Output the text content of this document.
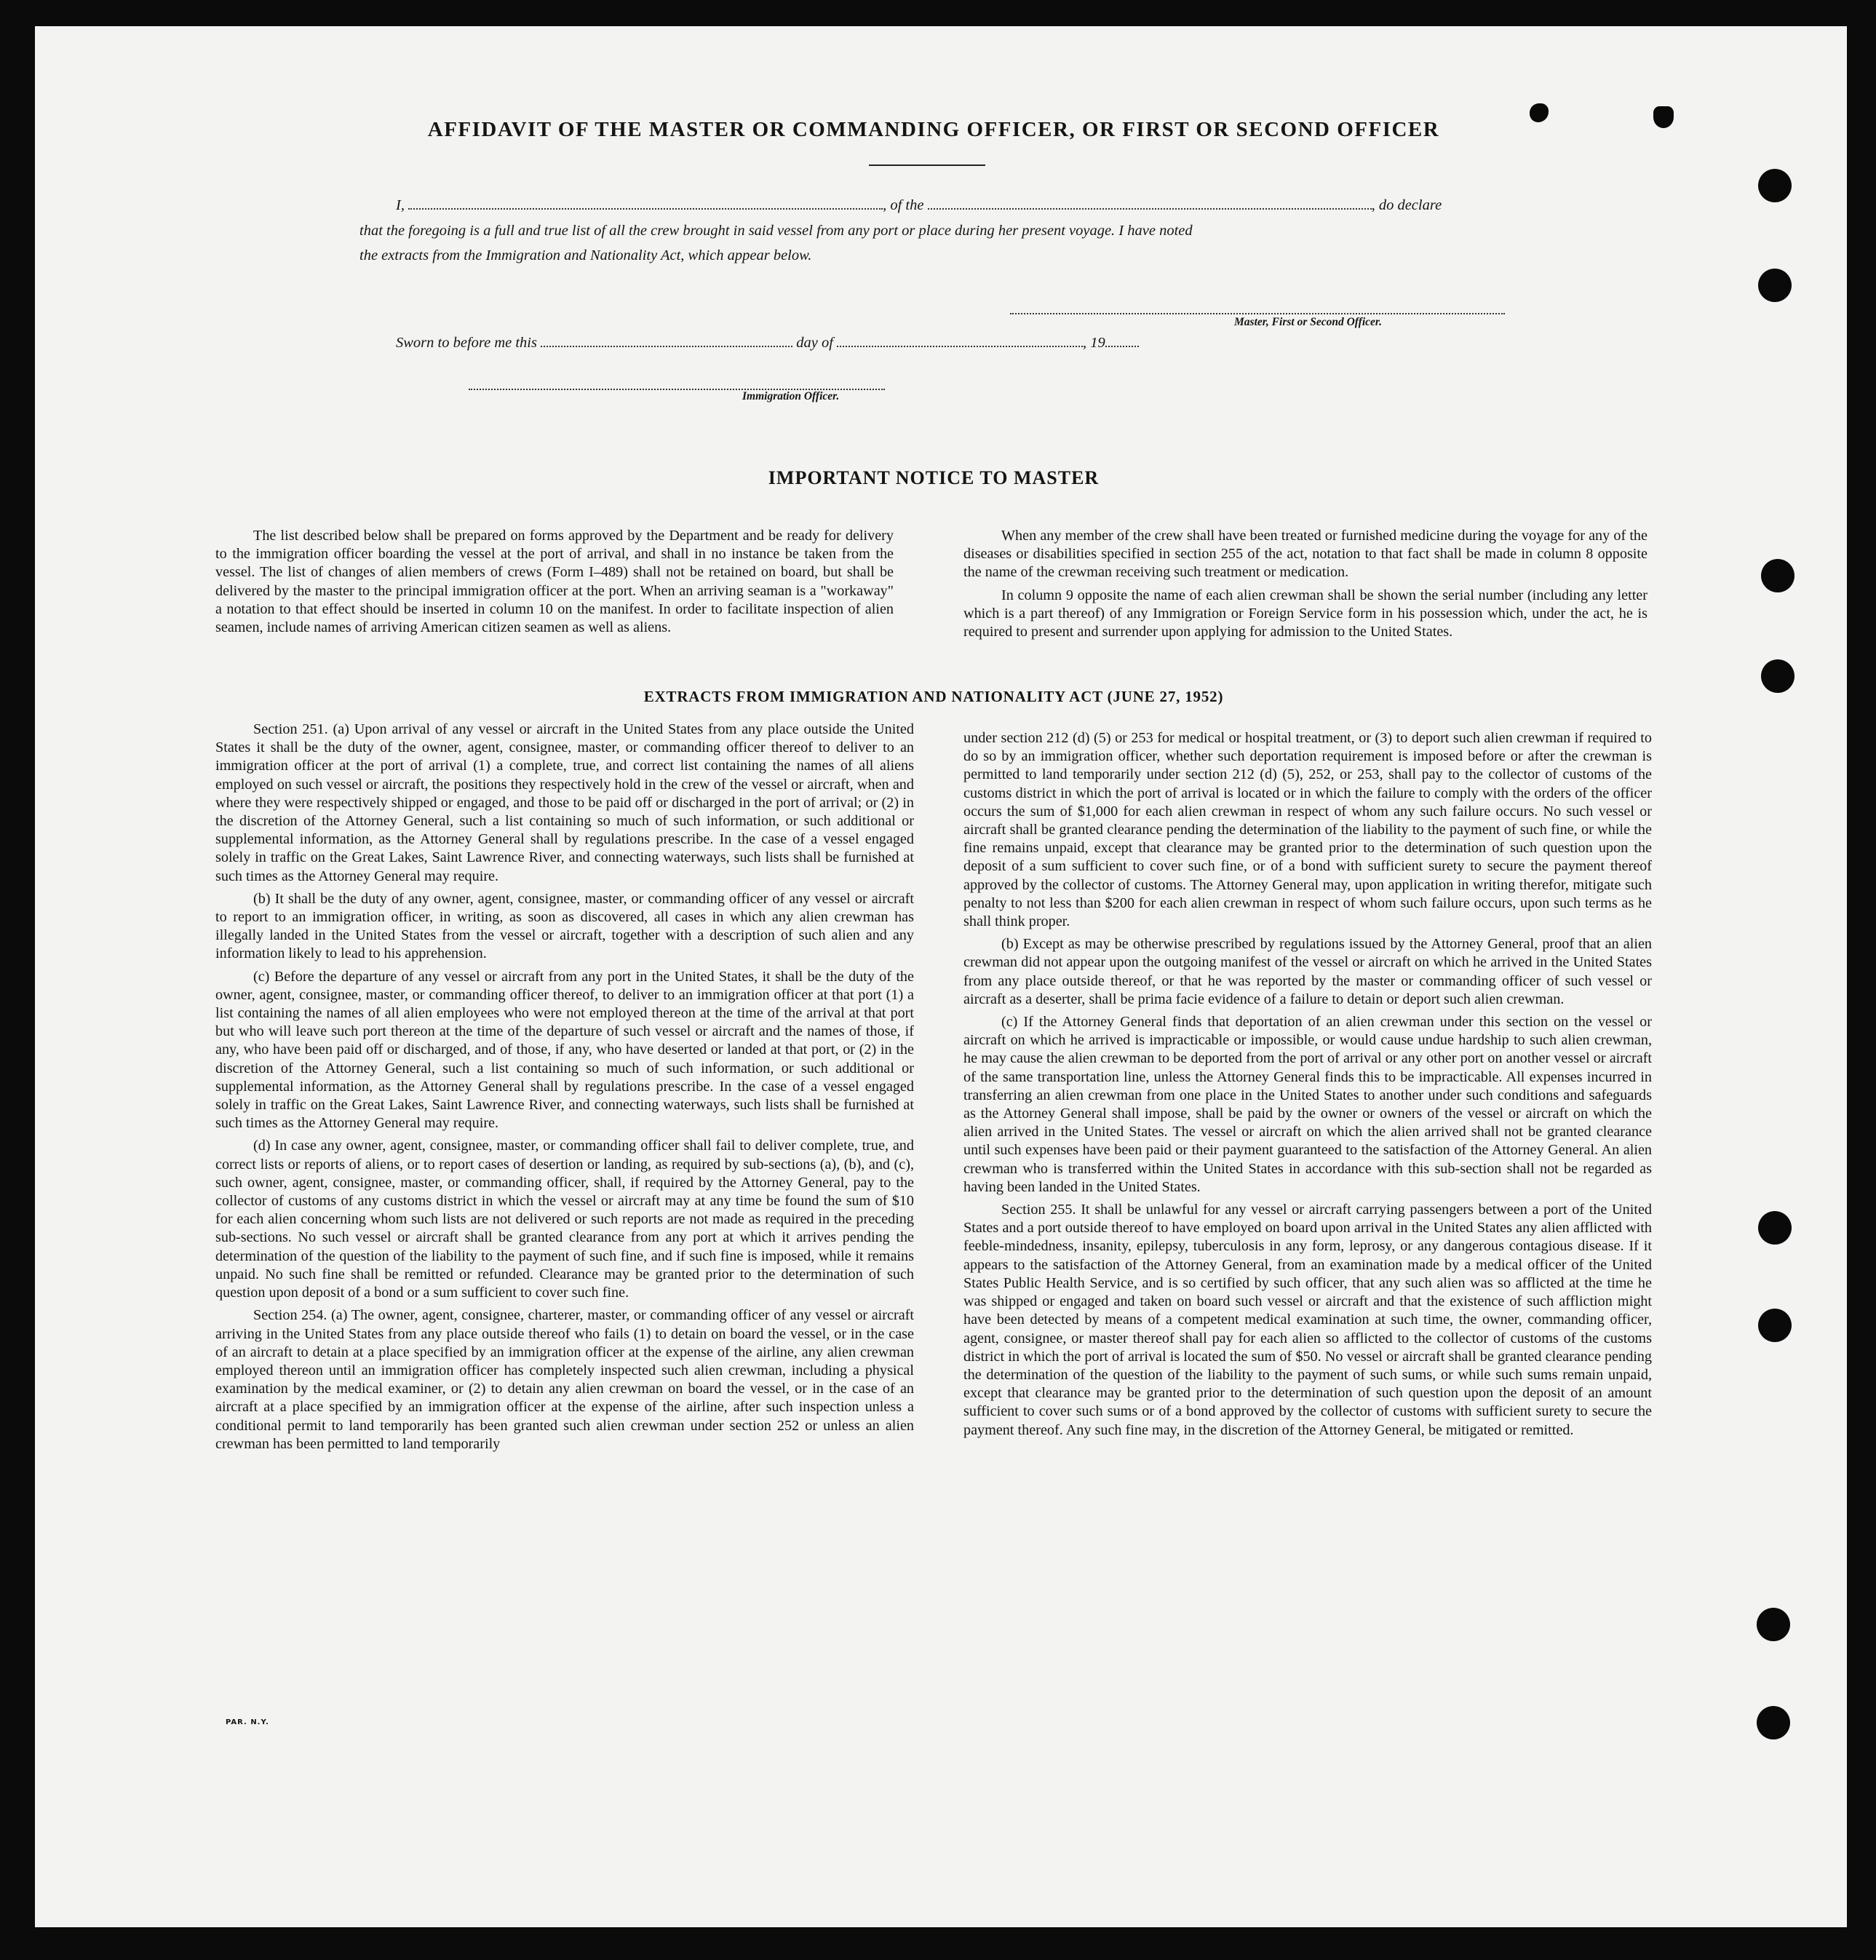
AFFIDAVIT OF THE MASTER OR COMMANDING OFFICER, OR FIRST OR SECOND OFFICER
I,	, of the	, do declare
that the foregoing is a full and true list of all the crew brought in said vessel from any port or place during her present voyage. I have noted
the extracts from the Immigration and Nationality Act, which appear below.
Master, First or Second Officer.
Sworn to before me this	day of	, 19
Immigration Officer.
IMPORTANT NOTICE TO MASTER

The list described below shall be prepared on forms approved by the Department and be ready for delivery to the immigration officer boarding the vessel at the port of arrival, and shall in no instance be taken from the vessel. The list of changes of alien members of crews (Form I–489) shall not be retained on board, but shall be delivered by the master to the principal immigration officer at the port. When an arriving seaman is a "workaway" a notation to that effect should be inserted in column 10 on the manifest. In order to facilitate inspection of alien seamen, include names of arriving American citizen seamen as well as aliens.

When any member of the crew shall have been treated or furnished medicine during the voyage for any of the diseases or disabilities specified in section 255 of the act, notation to that fact shall be made in column 8 opposite the name of the crewman receiving such treatment or medication.

In column 9 opposite the name of each alien crewman shall be shown the serial number (including any letter which is a part thereof) of any Immigration or Foreign Service form in his possession which, under the act, he is required to present and surrender upon applying for admission to the United States.

EXTRACTS FROM IMMIGRATION AND NATIONALITY ACT (JUNE 27, 1952)

Section 251. (a) Upon arrival of any vessel or aircraft in the United States from any place outside the United States it shall be the duty of the owner, agent, consignee, master, or commanding officer thereof to deliver to an immigration officer at the port of arrival (1) a complete, true, and correct list containing the names of all aliens employed on such vessel or aircraft, the positions they respectively hold in the crew of the vessel or aircraft, when and where they were respectively shipped or engaged, and those to be paid off or discharged in the port of arrival; or (2) in the discretion of the Attorney General, such a list containing so much of such information, or such additional or supplemental information, as the Attorney General shall by regulations prescribe. In the case of a vessel engaged solely in traffic on the Great Lakes, Saint Lawrence River, and connecting waterways, such lists shall be furnished at such times as the Attorney General may require.

(b) It shall be the duty of any owner, agent, consignee, master, or commanding officer of any vessel or aircraft to report to an immigration officer, in writing, as soon as discovered, all cases in which any alien crewman has illegally landed in the United States from the vessel or aircraft, together with a description of such alien and any information likely to lead to his apprehension.

(c) Before the departure of any vessel or aircraft from any port in the United States, it shall be the duty of the owner, agent, consignee, master, or commanding officer thereof, to deliver to an immigration officer at that port (1) a list containing the names of all alien employees who were not employed thereon at the time of the arrival at that port but who will leave such port thereon at the time of the departure of such vessel or aircraft and the names of those, if any, who have been paid off or discharged, and of those, if any, who have deserted or landed at that port, or (2) in the discretion of the Attorney General, such a list containing so much of such information, or such additional or supplemental information, as the Attorney General shall by regulations prescribe. In the case of a vessel engaged solely in traffic on the Great Lakes, Saint Lawrence River, and connecting waterways, such lists shall be furnished at such times as the Attorney General may require.

(d) In case any owner, agent, consignee, master, or commanding officer shall fail to deliver complete, true, and correct lists or reports of aliens, or to report cases of desertion or landing, as required by sub-sections (a), (b), and (c), such owner, agent, consignee, master, or commanding officer, shall, if required by the Attorney General, pay to the collector of customs of any customs district in which the vessel or aircraft may at any time be found the sum of $10 for each alien concerning whom such lists are not delivered or such reports are not made as required in the preceding sub-sections. No such vessel or aircraft shall be granted clearance from any port at which it arrives pending the determination of the question of the liability to the payment of such fine, and if such fine is imposed, while it remains unpaid. No such fine shall be remitted or refunded. Clearance may be granted prior to the determination of such question upon deposit of a bond or a sum sufficient to cover such fine.

Section 254. (a) The owner, agent, consignee, charterer, master, or commanding officer of any vessel or aircraft arriving in the United States from any place outside thereof who fails (1) to detain on board the vessel, or in the case of an aircraft to detain at a place specified by an immigration officer at the expense of the airline, any alien crewman employed thereon until an immigration officer has completely inspected such alien crewman, including a physical examination by the medical examiner, or (2) to detain any alien crewman on board the vessel, or in the case of an aircraft at a place specified by an immigration officer at the expense of the airline, after such inspection unless a conditional permit to land temporarily has been granted such alien crewman under section 252 or unless an alien crewman has been permitted to land temporarily

under section 212 (d) (5) or 253 for medical or hospital treatment, or (3) to deport such alien crewman if required to do so by an immigration officer, whether such deportation requirement is imposed before or after the crewman is permitted to land temporarily under section 212 (d) (5), 252, or 253, shall pay to the collector of customs of the customs district in which the port of arrival is located or in which the failure to comply with the orders of the officer occurs the sum of $1,000 for each alien crewman in respect of whom any such failure occurs. No such vessel or aircraft shall be granted clearance pending the determination of the liability to the payment of such fine, or while the fine remains unpaid, except that clearance may be granted prior to the determination of such question upon the deposit of a sum sufficient to cover such fine, or of a bond with sufficient surety to secure the payment thereof approved by the collector of customs. The Attorney General may, upon application in writing therefor, mitigate such penalty to not less than $200 for each alien crewman in respect of whom such failure occurs, upon such terms as he shall think proper.

(b) Except as may be otherwise prescribed by regulations issued by the Attorney General, proof that an alien crewman did not appear upon the outgoing manifest of the vessel or aircraft on which he arrived in the United States from any place outside thereof, or that he was reported by the master or commanding officer of such vessel or aircraft as a deserter, shall be prima facie evidence of a failure to detain or deport such alien crewman.

(c) If the Attorney General finds that deportation of an alien crewman under this section on the vessel or aircraft on which he arrived is impracticable or impossible, or would cause undue hardship to such alien crewman, he may cause the alien crewman to be deported from the port of arrival or any other port on another vessel or aircraft of the same transportation line, unless the Attorney General finds this to be impracticable. All expenses incurred in transferring an alien crewman from one place in the United States to another under such conditions and safeguards as the Attorney General shall impose, shall be paid by the owner or owners of the vessel or aircraft on which the alien arrived in the United States. The vessel or aircraft on which the alien arrived shall not be granted clearance until such expenses have been paid or their payment guaranteed to the satisfaction of the Attorney General. An alien crewman who is transferred within the United States in accordance with this sub-section shall not be regarded as having been landed in the United States.

Section 255. It shall be unlawful for any vessel or aircraft carrying passengers between a port of the United States and a port outside thereof to have employed on board upon arrival in the United States any alien afflicted with feeble-mindedness, insanity, epilepsy, tuberculosis in any form, leprosy, or any dangerous contagious disease. If it appears to the satisfaction of the Attorney General, from an examination made by a medical officer of the United States Public Health Service, and is so certified by such officer, that any such alien was so afflicted at the time he was shipped or engaged and taken on board such vessel or aircraft and that the existence of such affliction might have been detected by means of a competent medical examination at such time, the owner, commanding officer, agent, consignee, or master thereof shall pay for each alien so afflicted to the collector of customs of the customs district in which the port of arrival is located the sum of $50. No vessel or aircraft shall be granted clearance pending the determination of the question of the liability to the payment of such sums, or while such sums remain unpaid, except that clearance may be granted prior to the determination of such question upon the deposit of an amount sufficient to cover such sums or of a bond approved by the collector of customs with sufficient surety to secure the payment thereof. Any such fine may, in the discretion of the Attorney General, be mitigated or remitted.

PAR. N.Y.
